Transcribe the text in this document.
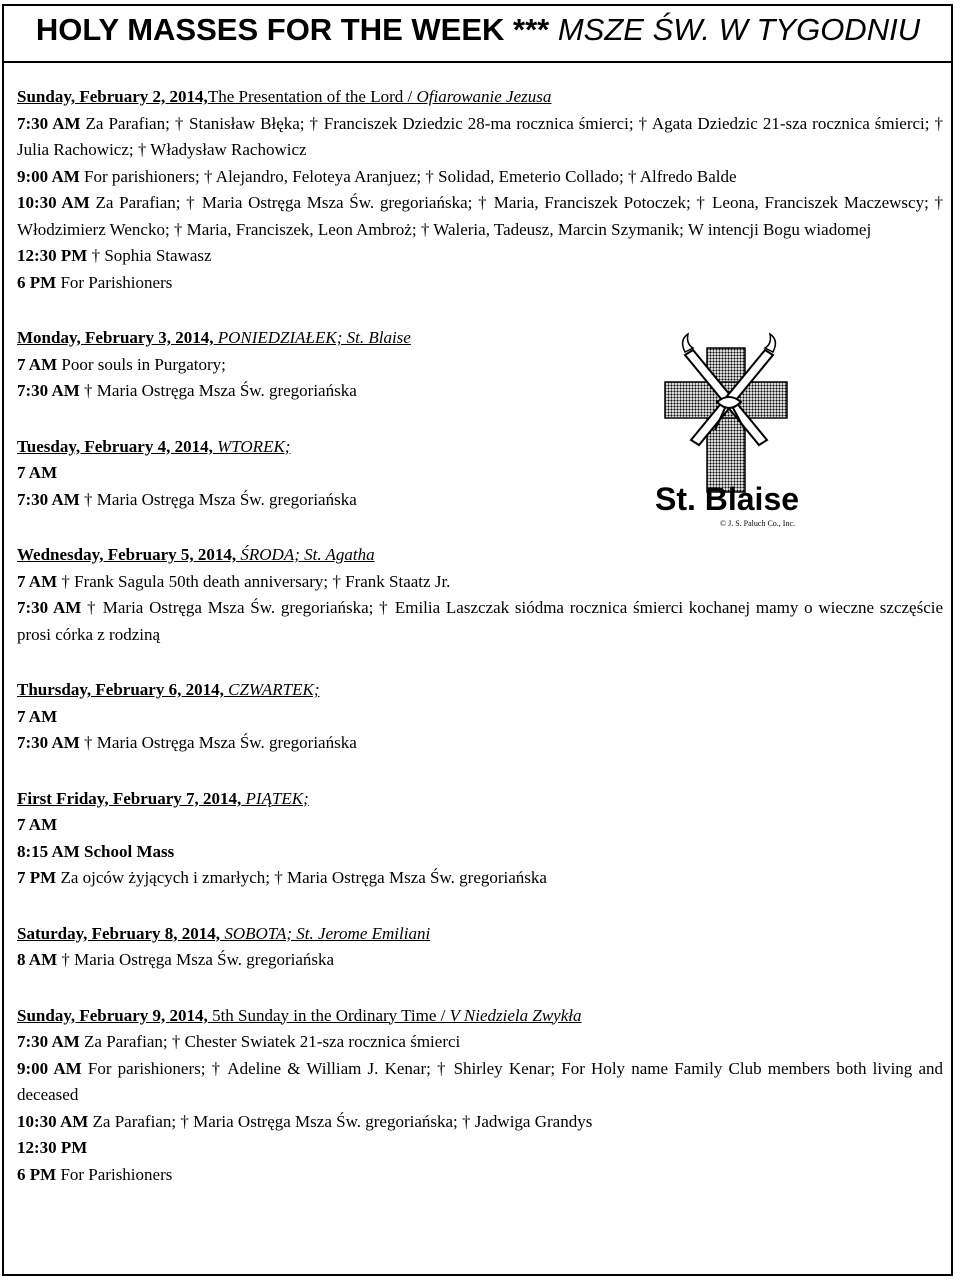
HOLY MASSES FOR THE WEEK *** MSZE ŚW. W TYGODNIU

Sunday, February 2, 2014,The Presentation of the Lord / Ofiarowanie Jezusa

7:30 AM Za Parafian; † Stanisław Błęka; † Franciszek Dziedzic 28-ma rocznica śmierci; † Agata Dziedzic 21-sza rocznica śmierci; † Julia Rachowicz; † Władysław Rachowicz

9:00 AM For parishioners; † Alejandro, Feloteya Aranjuez; † Solidad, Emeterio Collado; † Alfredo Balde

10:30 AM Za Parafian; † Maria Ostręga Msza Św. gregoriańska; † Maria, Franciszek Potoczek; † Leona, Franciszek Maczewscy; † Włodzimierz Wencko; † Maria, Franciszek, Leon Ambroż; † Waleria, Tadeusz, Marcin Szymanik; W intencji Bogu wiadomej

12:30 PM † Sophia Stawasz

6 PM For Parishioners

Monday, February 3, 2014, PONIEDZIAŁEK; St. Blaise

7 AM Poor souls in Purgatory;

7:30 AM † Maria Ostręga Msza Św. gregoriańska

Tuesday, February 4, 2014, WTOREK;

7 AM

7:30 AM † Maria Ostręga Msza Św. gregoriańska

Wednesday, February 5, 2014, ŚRODA; St. Agatha

7 AM † Frank Sagula 50th death anniversary; † Frank Staatz Jr.

7:30 AM † Maria Ostręga Msza Św. gregoriańska; † Emilia Laszczak siódma rocznica śmierci kochanej mamy o wieczne szczęście prosi córka z rodziną

Thursday, February 6, 2014, CZWARTEK;

7 AM

7:30 AM † Maria Ostręga Msza Św. gregoriańska

First Friday, February 7, 2014, PIĄTEK;

7 AM

8:15 AM School Mass

7 PM Za ojców żyjących i zmarłych; † Maria Ostręga Msza Św. gregoriańska

Saturday, February 8, 2014, SOBOTA; St. Jerome Emiliani

8 AM † Maria Ostręga Msza Św. gregoriańska

Sunday, February 9, 2014, 5th Sunday in the Ordinary Time / V Niedziela Zwykła

7:30 AM Za Parafian; † Chester Swiatek 21-sza rocznica śmierci

9:00 AM For parishioners; † Adeline & William J. Kenar; † Shirley Kenar; For Holy name Family Club members both living and deceased

10:30 AM Za Parafian; † Maria Ostręga Msza Św. gregoriańska; † Jadwiga Grandys

12:30 PM

6 PM For Parishioners

St. Blaise
© J. S. Paluch Co., Inc.
